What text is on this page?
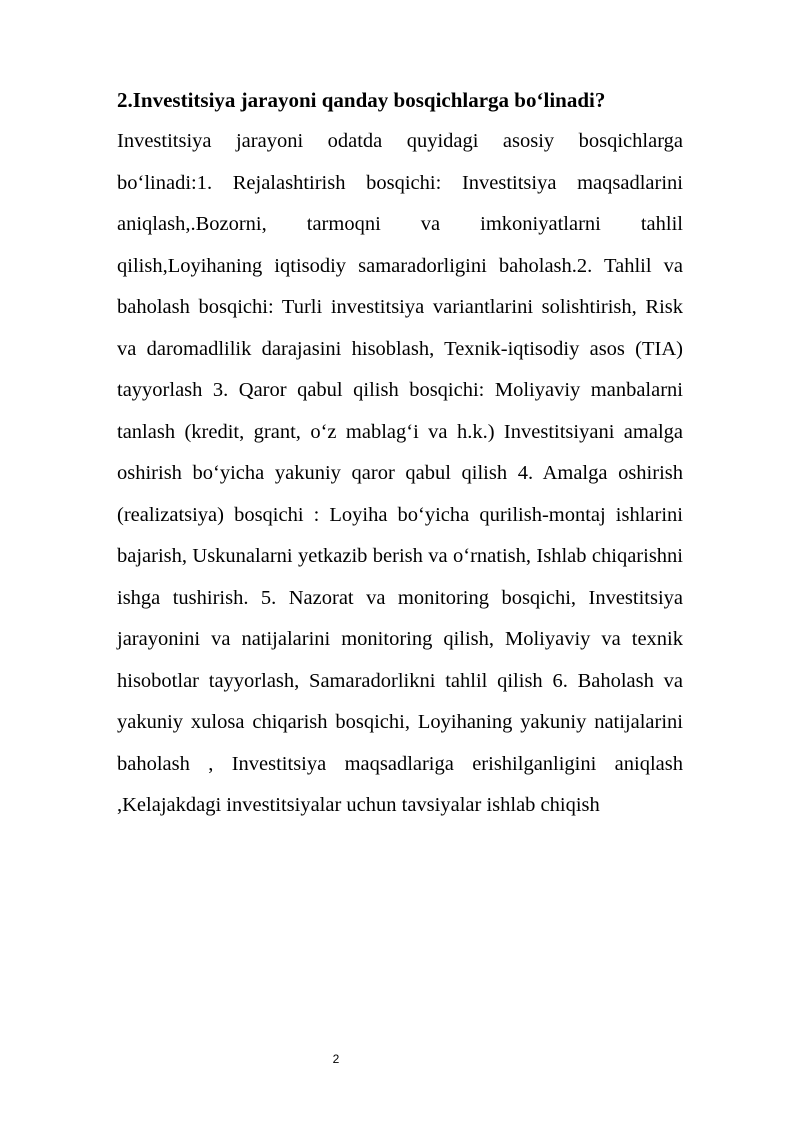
2.Investitsiya jarayoni qanday bosqichlarga bo‘linadi?

Investitsiya jarayoni odatda quyidagi asosiy bosqichlarga bo‘linadi:1. Rejalashtirish bosqichi: Investitsiya maqsadlarini aniqlash,.Bozorni, tarmoqni va imkoniyatlarni tahlil qilish,Loyihaning iqtisodiy samaradorligini baholash.2. Tahlil va baholash bosqichi: Turli investitsiya variantlarini solishtirish, Risk va daromadlilik darajasini hisoblash, Texnik-iqtisodiy asos (TIA) tayyorlash 3. Qaror qabul qilish bosqichi: Moliyaviy manbalarni tanlash (kredit, grant, o‘z mablag‘i va h.k.) Investitsiyani amalga oshirish bo‘yicha yakuniy qaror qabul qilish 4. Amalga oshirish (realizatsiya) bosqichi : Loyiha bo‘yicha qurilish-montaj ishlarini bajarish, Uskunalarni yetkazib berish va o‘rnatish, Ishlab chiqarishni ishga tushirish. 5. Nazorat va monitoring bosqichi, Investitsiya jarayonini va natijalarini monitoring qilish, Moliyaviy va texnik hisobotlar tayyorlash, Samaradorlikni tahlil qilish 6. Baholash va yakuniy xulosa chiqarish bosqichi, Loyihaning yakuniy natijalarini baholash , Investitsiya maqsadlariga erishilganligini aniqlash ,Kelajakdagi investitsiyalar uchun tavsiyalar ishlab chiqish

2
